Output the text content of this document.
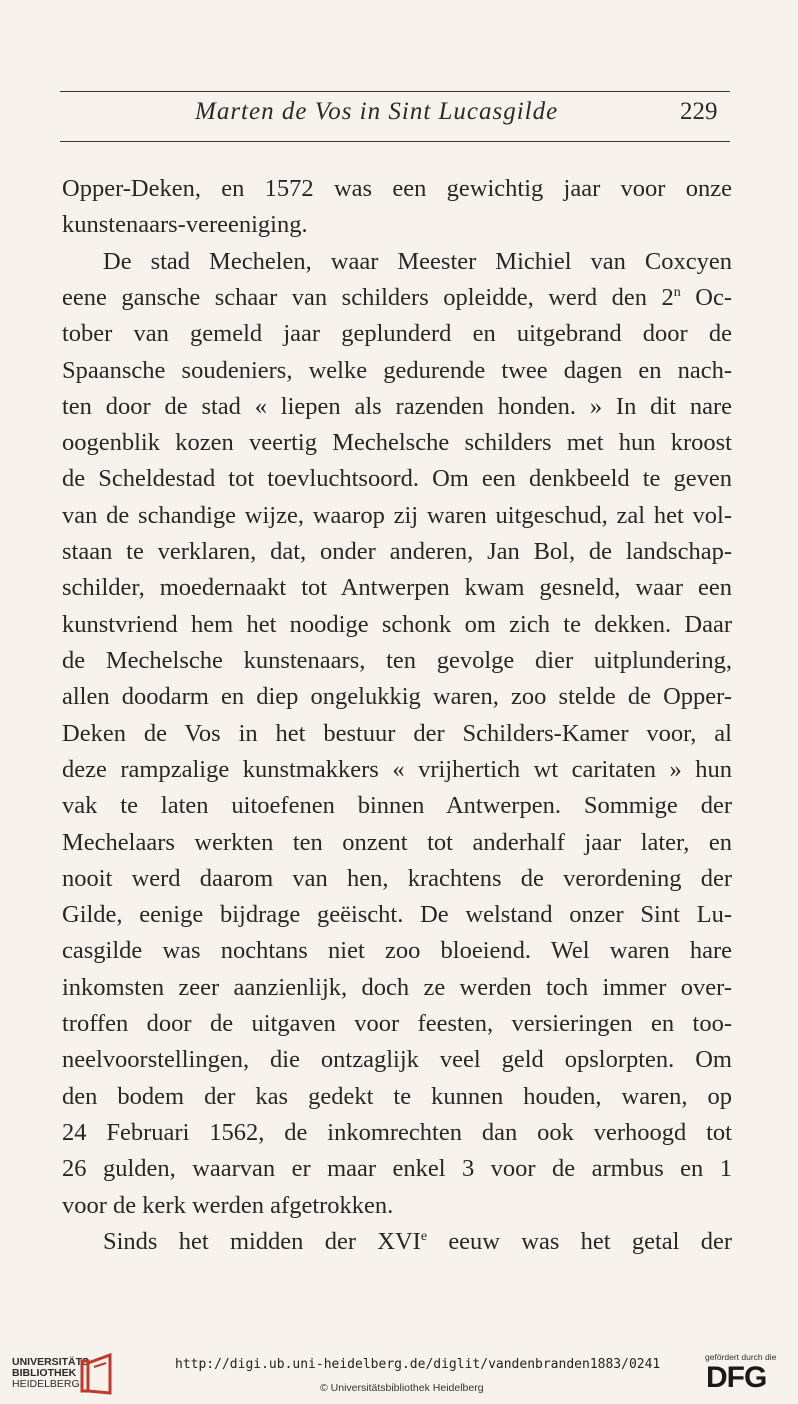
Marten de Vos in Sint Lucasgilde	229
Opper-Deken, en 1572 was een gewichtig jaar voor onze
kunstenaars-vereeniging.
De stad Mechelen, waar Meester Michiel van Coxcyen
eene gansche schaar van schilders opleidde, werd den 2$^n$ Oc-
tober van gemeld jaar geplunderd en uitgebrand door de
Spaansche soudeniers, welke gedurende twee dagen en nach-
ten door de stad « liepen als razenden honden. » In dit nare
oogenblik kozen veertig Mechelsche schilders met hun kroost
de Scheldestad tot toevluchtsoord. Om een denkbeeld te geven
van de schandige wijze, waarop zij waren uitgeschud, zal het vol-
staan te verklaren, dat, onder anderen, Jan Bol, de landschap-
schilder, moedernaakt tot Antwerpen kwam gesneld, waar een
kunstvriend hem het noodige schonk om zich te dekken. Daar
de Mechelsche kunstenaars, ten gevolge dier uitplundering,
allen doodarm en diep ongelukkig waren, zoo stelde de Opper-
Deken de Vos in het bestuur der Schilders-Kamer voor, al
deze rampzalige kunstmakkers « vrijhertich wt caritaten » hun
vak te laten uitoefenen binnen Antwerpen. Sommige der
Mechelaars werkten ten onzent tot anderhalf jaar later, en
nooit werd daarom van hen, krachtens de verordening der
Gilde, eenige bijdrage geëischt. De welstand onzer Sint Lu-
casgilde was nochtans niet zoo bloeiend. Wel waren hare
inkomsten zeer aanzienlijk, doch ze werden toch immer over-
troffen door de uitgaven voor feesten, versieringen en too-
neelvoorstellingen, die ontzaglijk veel geld opslorpten. Om
den bodem der kas gedekt te kunnen houden, waren, op
24 Februari 1562, de inkomrechten dan ook verhoogd tot
26 gulden, waarvan er maar enkel 3 voor de armbus en 1
voor de kerk werden afgetrokken.
Sinds het midden der XVIe eeuw was het getal der
UNIVERSITÄTS-
BIBLIOTHEK
HEIDELBERG
http://digi.ub.uni-heidelberg.de/diglit/vandenbranden1883/0241
© Universitätsbibliothek Heidelberg
gefördert durch die
DFG
